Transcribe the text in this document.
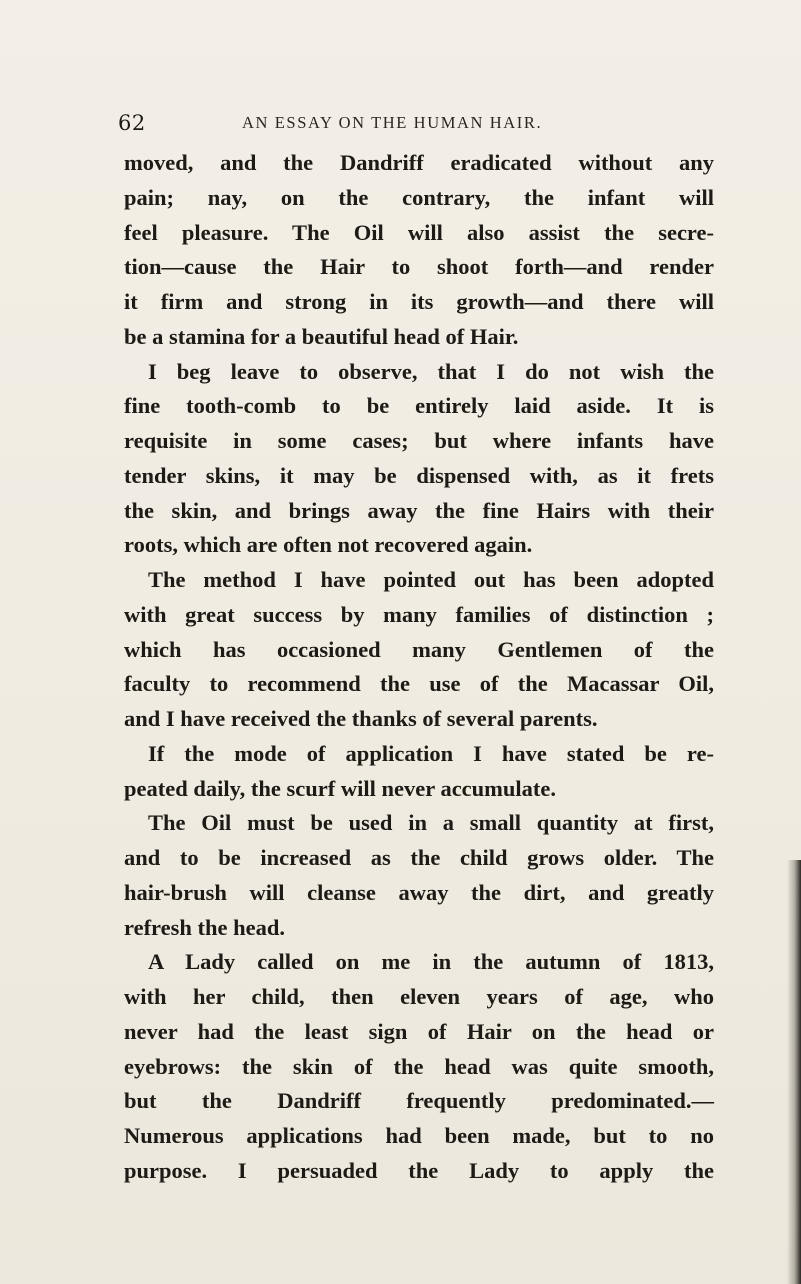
62	AN ESSAY ON THE HUMAN HAIR.
moved, and the Dandriff eradicated without any
pain; nay, on the contrary, the infant will
feel pleasure. The Oil will also assist the secre-
tion—cause the Hair to shoot forth—and render
it firm and strong in its growth—and there will
be a stamina for a beautiful head of Hair.
I beg leave to observe, that I do not wish the
fine tooth-comb to be entirely laid aside. It is
requisite in some cases; but where infants have
tender skins, it may be dispensed with, as it frets
the skin, and brings away the fine Hairs with their
roots, which are often not recovered again.
The method I have pointed out has been adopted
with great success by many families of distinction ;
which has occasioned many Gentlemen of the
faculty to recommend the use of the Macassar Oil,
and I have received the thanks of several parents.
If the mode of application I have stated be re-
peated daily, the scurf will never accumulate.
The Oil must be used in a small quantity at first,
and to be increased as the child grows older. The
hair-brush will cleanse away the dirt, and greatly
refresh the head.
A Lady called on me in the autumn of 1813,
with her child, then eleven years of age, who
never had the least sign of Hair on the head or
eyebrows: the skin of the head was quite smooth,
but the Dandriff frequently predominated.—
Numerous applications had been made, but to no
purpose. I persuaded the Lady to apply the
